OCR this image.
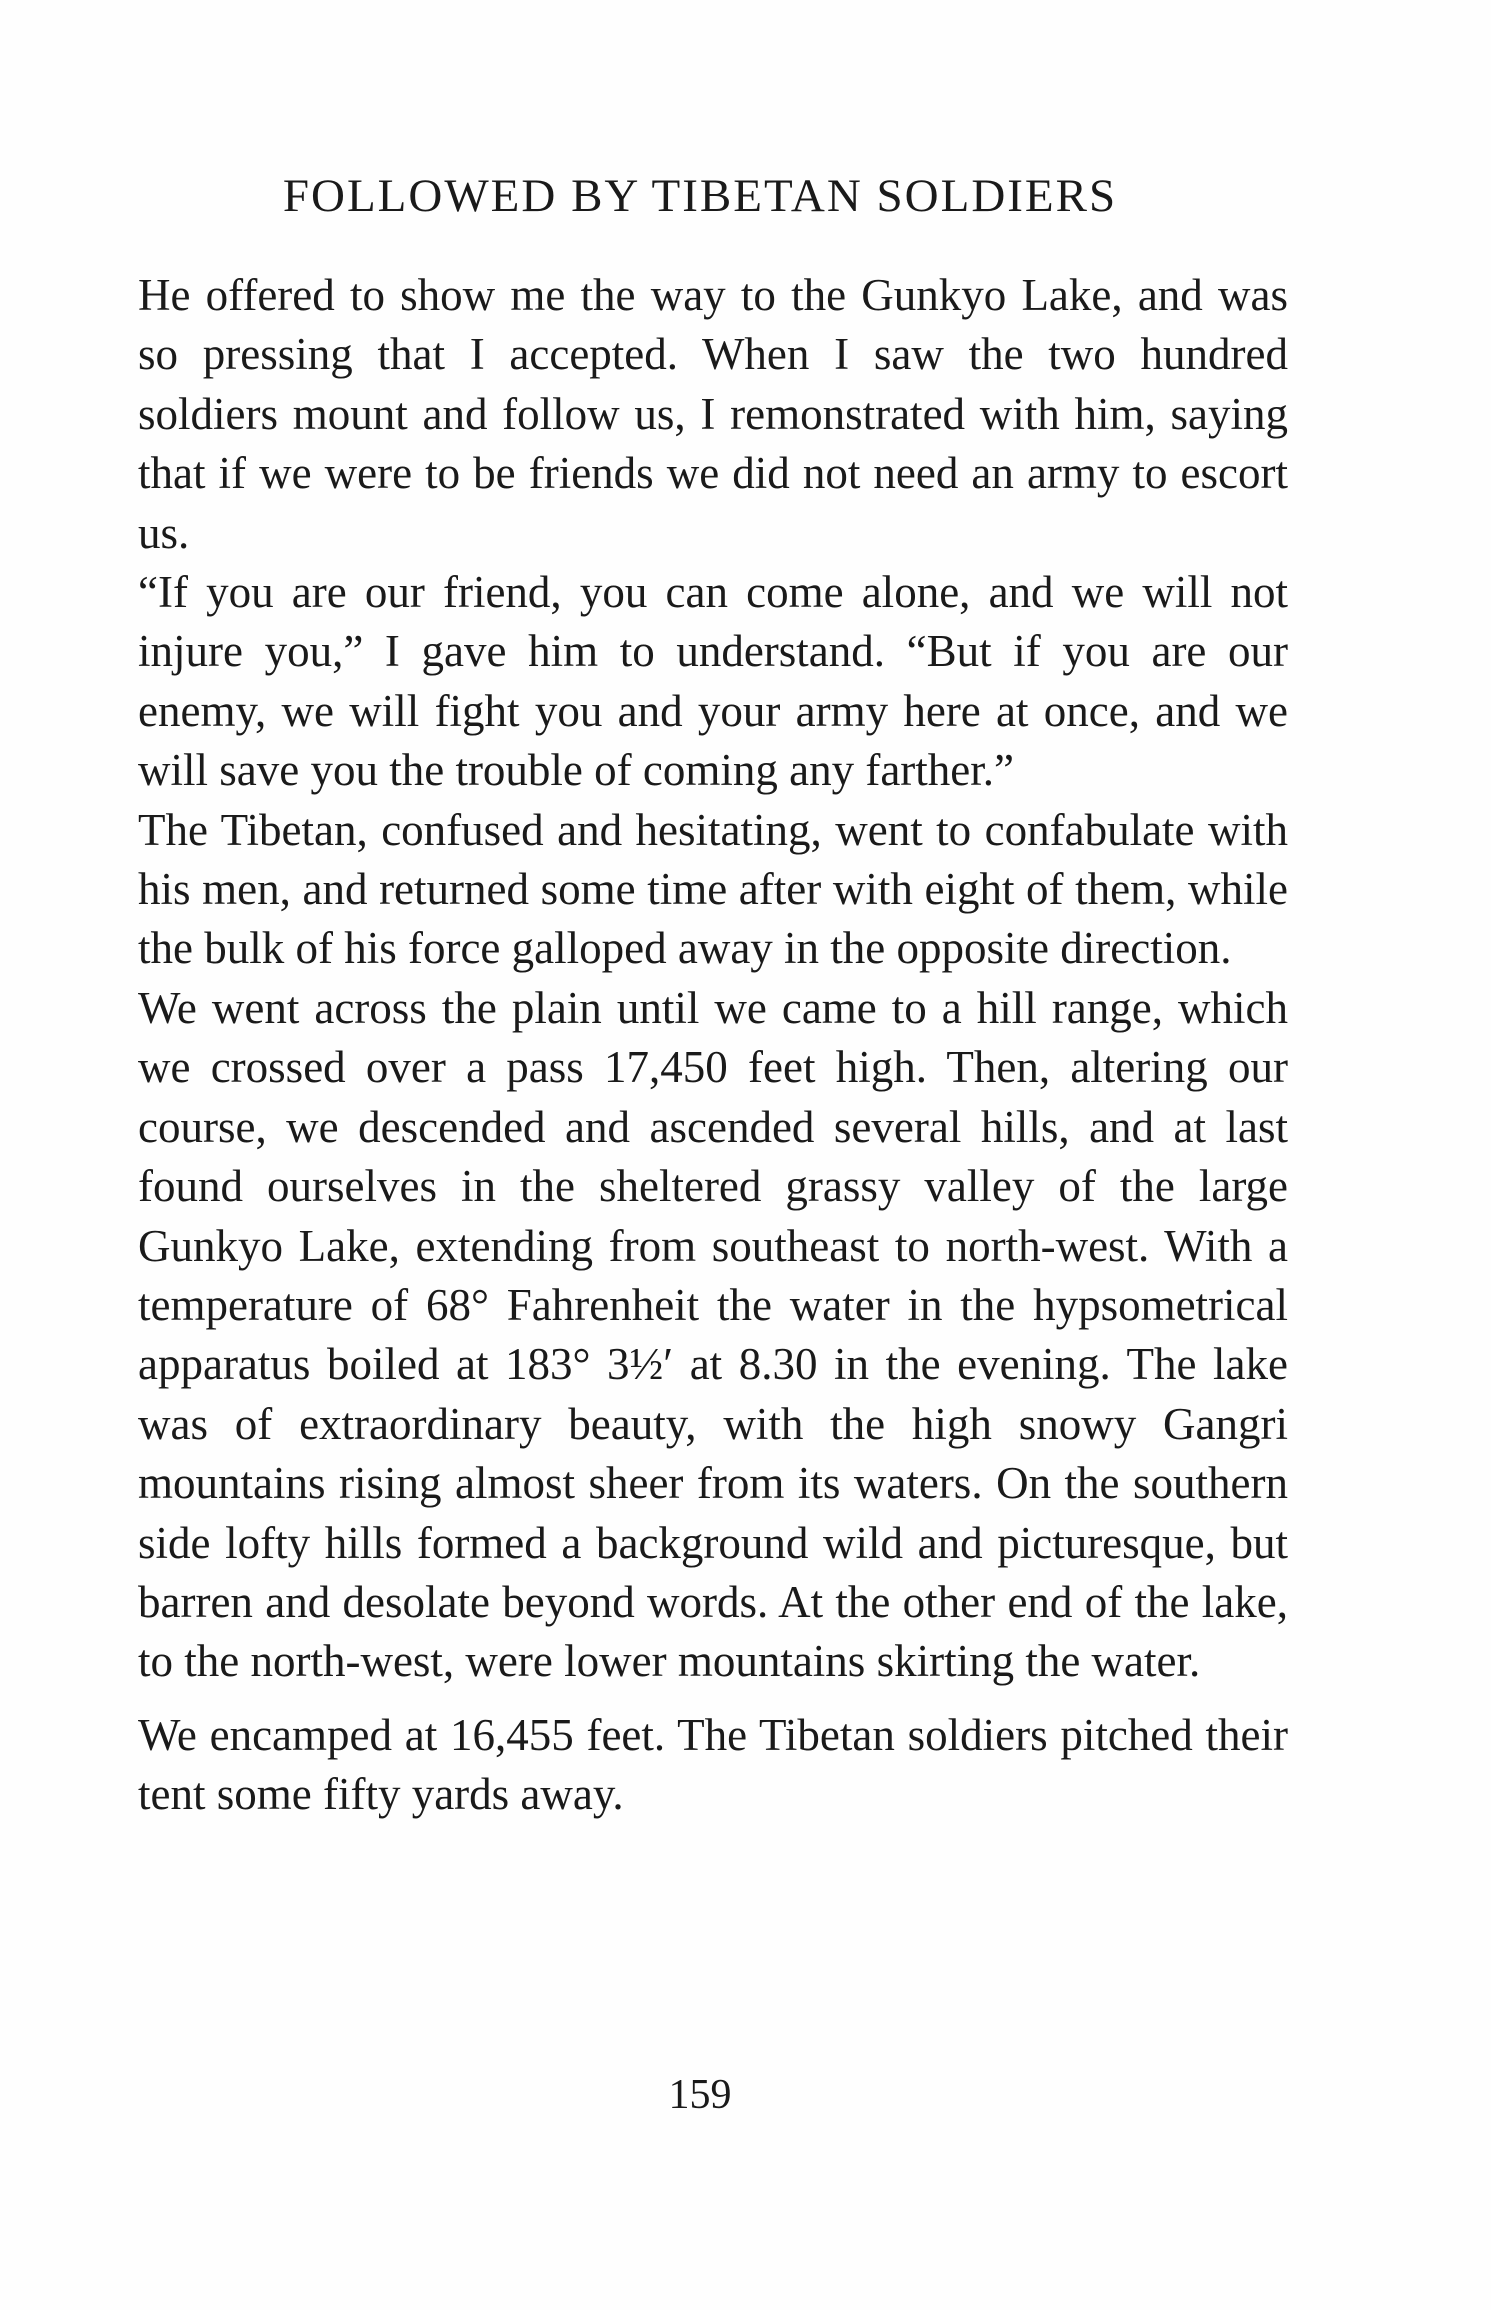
FOLLOWED BY TIBETAN SOLDIERS

He offered to show me the way to the Gunkyo Lake, and was so pressing that I accepted. When I saw the two hundred soldiers mount and follow us, I remonstrated with him, saying that if we were to be friends we did not need an army to escort us.

“If you are our friend, you can come alone, and we will not injure you,” I gave him to understand. “But if you are our enemy, we will fight you and your army here at once, and we will save you the trouble of coming any farther.”

The Tibetan, confused and hesitating, went to confabulate with his men, and returned some time after with eight of them, while the bulk of his force galloped away in the opposite direction.

We went across the plain until we came to a hill range, which we crossed over a pass 17,450 feet high. Then, altering our course, we descended and ascended several hills, and at last found ourselves in the sheltered grassy valley of the large Gunkyo Lake, extending from southeast to north-west. With a temperature of 68° Fahrenheit the water in the hypsometrical apparatus boiled at 183° 3½′ at 8.30 in the evening. The lake was of extraordinary beauty, with the high snowy Gangri mountains rising almost sheer from its waters. On the southern side lofty hills formed a background wild and picturesque, but barren and desolate beyond words. At the other end of the lake, to the north-west, were lower mountains skirting the water.

We encamped at 16,455 feet. The Tibetan soldiers pitched their tent some fifty yards away.

159
